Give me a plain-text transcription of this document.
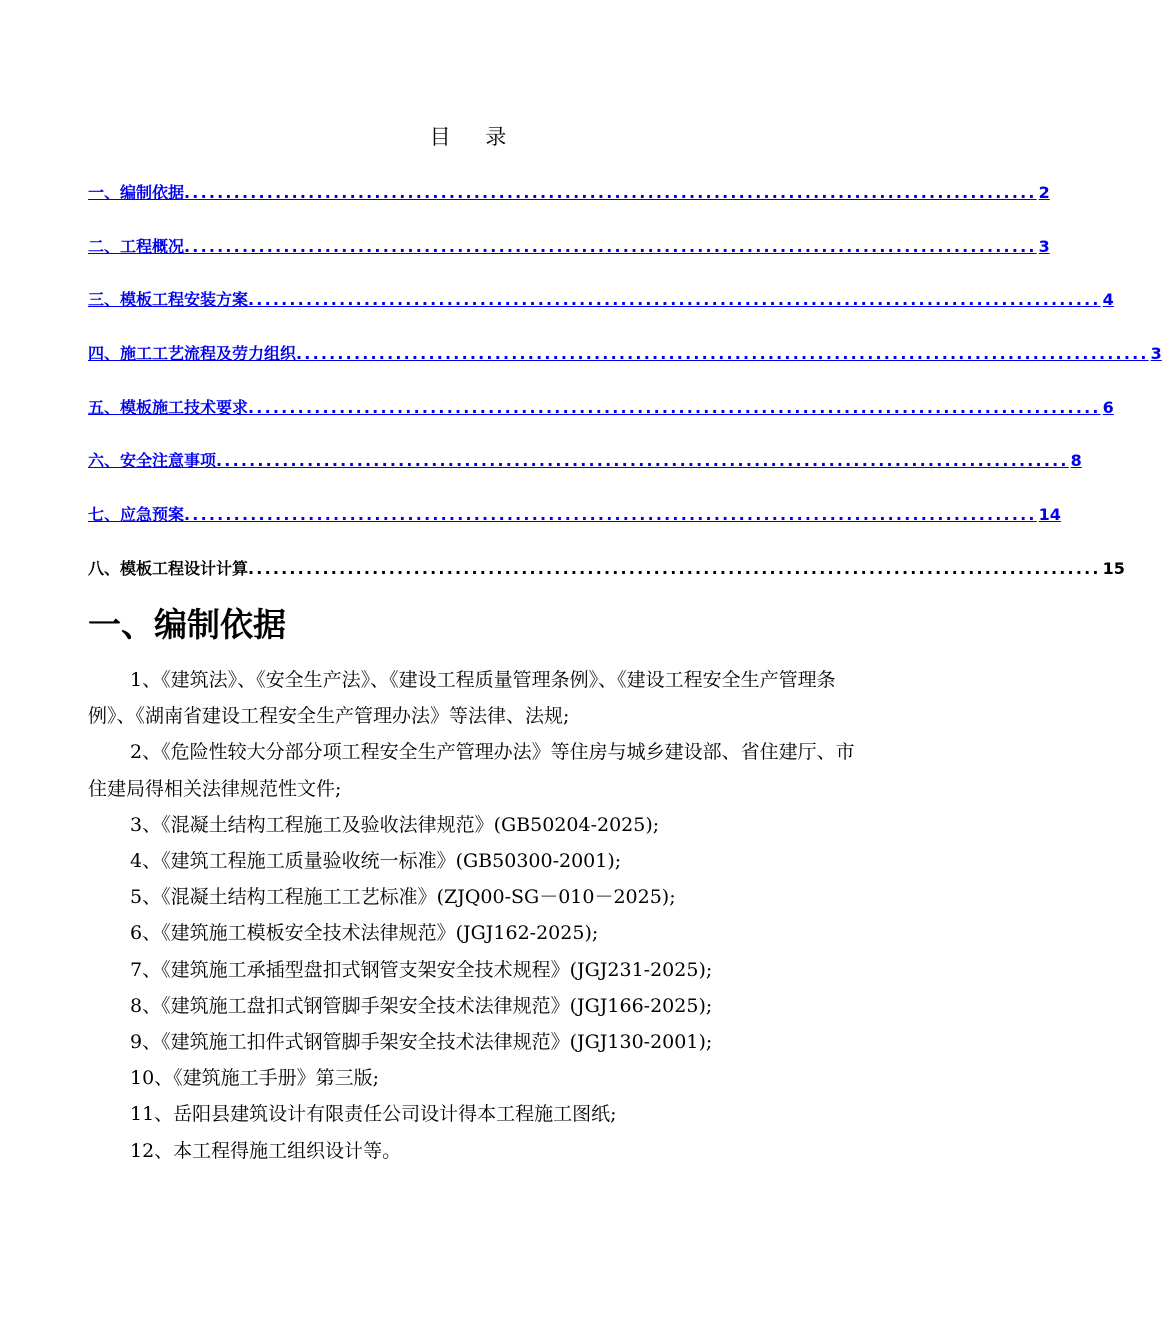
目 录
一、编制依据 ....................................................................................................... 2
二、工程概况 ....................................................................................................... 3
三、模板工程安装方案 ....................................................................................................... 4
四、施工工艺流程及劳力组织 ....................................................................................................... 3
五、模板施工技术要求 ....................................................................................................... 6
六、安全注意事项 ....................................................................................................... 8
七、应急预案 ....................................................................................................... 14
八、模板工程设计计算 ....................................................................................................... 15
一、编制依据

1、《建筑法》、《安全生产法》、《建设工程质量管理条例》、《建设工程安全生产管理条例》、《湖南省建设工程安全生产管理办法》等法律、法规;

2、《危险性较大分部分项工程安全生产管理办法》等住房与城乡建设部、省住建厅、市住建局得相关法律规范性文件;

3、《混凝土结构工程施工及验收法律规范》(GB50204-2025);

4、《建筑工程施工质量验收统一标准》(GB50300-2001);

5、《混凝土结构工程施工工艺标准》(ZJQ00-SG－010－2025);

6、《建筑施工模板安全技术法律规范》(JGJ162-2025);

7、《建筑施工承插型盘扣式钢管支架安全技术规程》(JGJ231-2025);

8、《建筑施工盘扣式钢管脚手架安全技术法律规范》(JGJ166-2025);

9、《建筑施工扣件式钢管脚手架安全技术法律规范》(JGJ130-2001);

10、《建筑施工手册》第三版;

11、岳阳县建筑设计有限责任公司设计得本工程施工图纸;

12、本工程得施工组织设计等。
